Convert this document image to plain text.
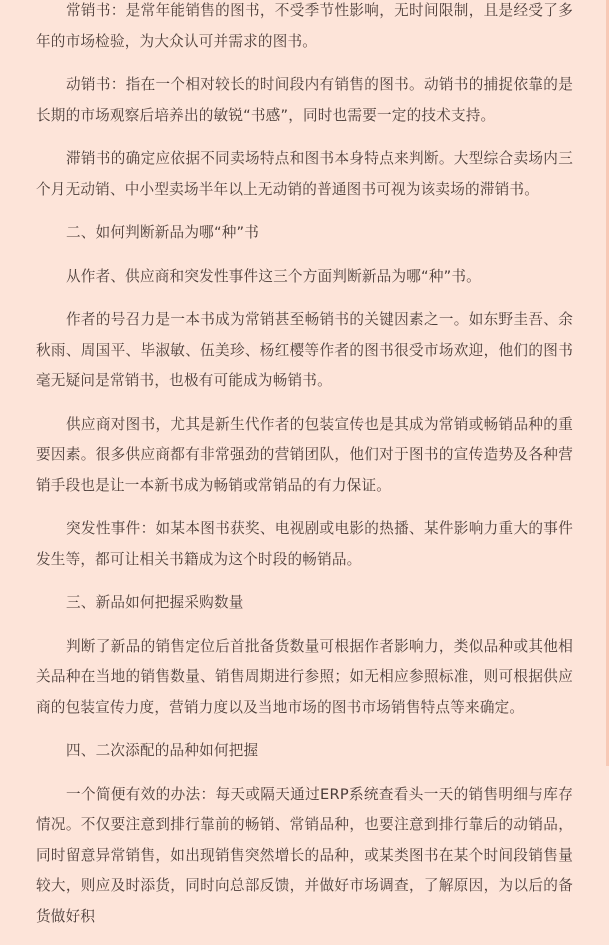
常销书：是常年能销售的图书，不受季节性影响，无时间限制，且是经受了多年的市场检验，为大众认可并需求的图书。

动销书：指在一个相对较长的时间段内有销售的图书。动销书的捕捉依靠的是长期的市场观察后培养出的敏锐“书感”，同时也需要一定的技术支持。

滞销书的确定应依据不同卖场特点和图书本身特点来判断。大型综合卖场内三个月无动销、中小型卖场半年以上无动销的普通图书可视为该卖场的滞销书。

二、如何判断新品为哪“种”书

从作者、供应商和突发性事件这三个方面判断新品为哪“种”书。

作者的号召力是一本书成为常销甚至畅销书的关键因素之一。如东野圭吾、余秋雨、周国平、毕淑敏、伍美珍、杨红樱等作者的图书很受市场欢迎，他们的图书毫无疑问是常销书，也极有可能成为畅销书。

供应商对图书，尤其是新生代作者的包装宣传也是其成为常销或畅销品种的重要因素。很多供应商都有非常强劲的营销团队，他们对于图书的宣传造势及各种营销手段也是让一本新书成为畅销或常销品的有力保证。

突发性事件：如某本图书获奖、电视剧或电影的热播、某件影响力重大的事件发生等，都可让相关书籍成为这个时段的畅销品。

三、新品如何把握采购数量

判断了新品的销售定位后首批备货数量可根据作者影响力，类似品种或其他相关品种在当地的销售数量、销售周期进行参照；如无相应参照标准，则可根据供应商的包装宣传力度，营销力度以及当地市场的图书市场销售特点等来确定。

四、二次添配的品种如何把握

一个简便有效的办法：每天或隔天通过ERP系统查看头一天的销售明细与库存情况。不仅要注意到排行靠前的畅销、常销品种，也要注意到排行靠后的动销品，同时留意异常销售，如出现销售突然增长的品种，或某类图书在某个时间段销售量较大，则应及时添货，同时向总部反馈，并做好市场调查，了解原因，为以后的备货做好积
